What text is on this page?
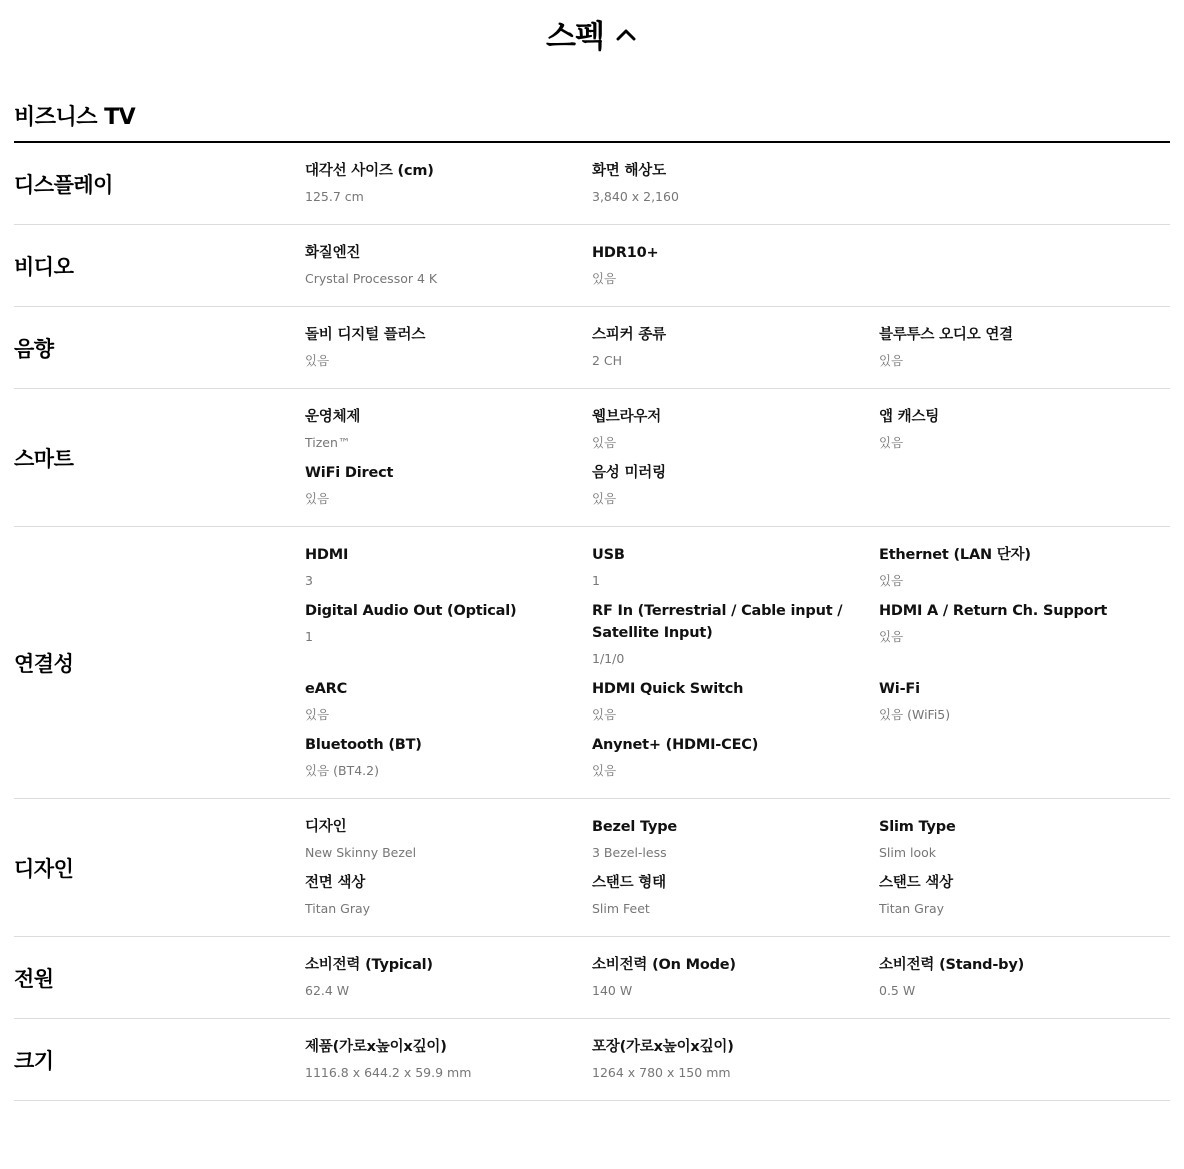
스펙
비즈니스 TV
디스플레이
대각선 사이즈 (cm)
125.7 cm
화면 해상도
3,840 x 2,160
비디오
화질엔진
Crystal Processor 4 K
HDR10+
있음
음향
돌비 디지털 플러스
있음
스피커 종류
2 CH
블루투스 오디오 연결
있음
스마트
운영체제
Tizen™
웹브라우저
있음
앱 캐스팅
있음
WiFi Direct
있음
음성 미러링
있음
연결성
HDMI
3
USB
1
Ethernet (LAN 단자)
있음
Digital Audio Out (Optical)
1
RF In (Terrestrial / Cable input / Satellite Input)
1/1/0
HDMI A / Return Ch. Support
있음
eARC
있음
HDMI Quick Switch
있음
Wi-Fi
있음 (WiFi5)
Bluetooth (BT)
있음 (BT4.2)
Anynet+ (HDMI-CEC)
있음
디자인
디자인
New Skinny Bezel
Bezel Type
3 Bezel-less
Slim Type
Slim look
전면 색상
Titan Gray
스탠드 형태
Slim Feet
스탠드 색상
Titan Gray
전원
소비전력 (Typical)
62.4 W
소비전력 (On Mode)
140 W
소비전력 (Stand-by)
0.5 W
크기
제품(가로x높이x깊이)
1116.8 x 644.2 x 59.9 mm
포장(가로x높이x깊이)
1264 x 780 x 150 mm
